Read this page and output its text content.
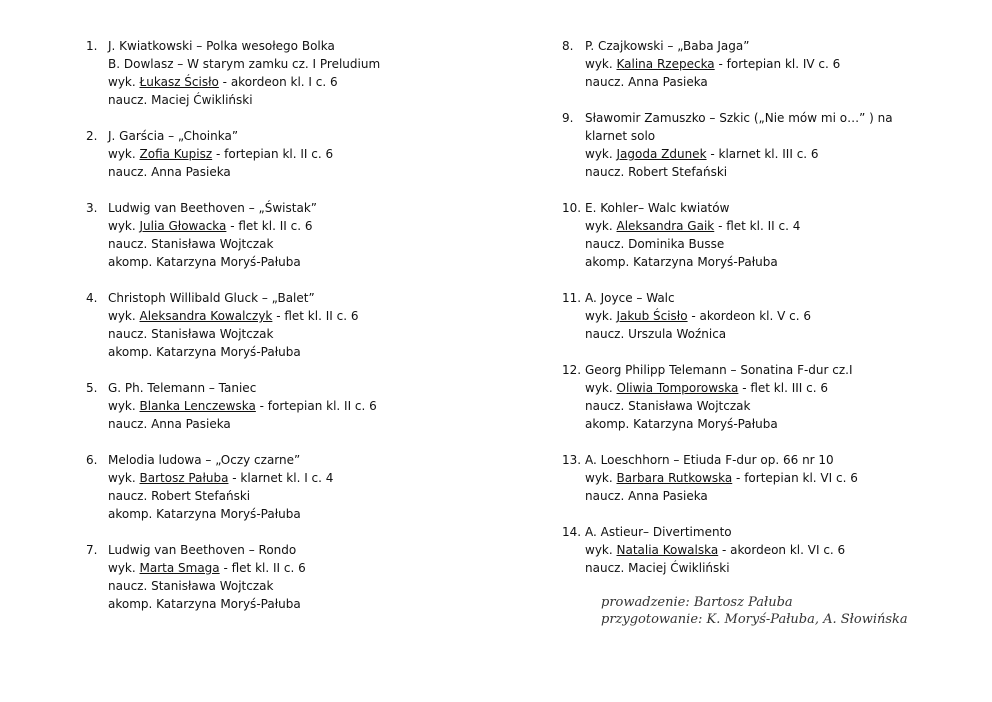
1. J. Kwiatkowski – Polka wesołego Bolka
B. Dowlasz – W starym zamku cz. I Preludium
wyk. Łukasz Ścisło - akordeon kl. I c. 6
naucz. Maciej Ćwikliński
2. J. Garścia – „Choinka”
wyk. Zofia Kupisz - fortepian kl. II c. 6
naucz. Anna Pasieka
3. Ludwig van Beethoven – „Świstak”
wyk. Julia Głowacka - flet kl. II c. 6
naucz. Stanisława Wojtczak
akomp. Katarzyna Moryś-Pałuba
4. Christoph Willibald Gluck – „Balet”
wyk. Aleksandra Kowalczyk - flet kl. II c. 6
naucz. Stanisława Wojtczak
akomp. Katarzyna Moryś-Pałuba
5. G. Ph. Telemann – Taniec
wyk. Blanka Lenczewska - fortepian kl. II c. 6
naucz. Anna Pasieka
6. Melodia ludowa – „Oczy czarne”
wyk. Bartosz Pałuba - klarnet kl. I c. 4
naucz. Robert Stefański
akomp. Katarzyna Moryś-Pałuba
7. Ludwig van Beethoven – Rondo
wyk. Marta Smaga - flet kl. II c. 6
naucz. Stanisława Wojtczak
akomp. Katarzyna Moryś-Pałuba
8. P. Czajkowski – „Baba Jaga”
wyk. Kalina Rzepecka - fortepian kl. IV c. 6
naucz. Anna Pasieka
9. Sławomir Zamuszko – Szkic („Nie mów mi o…” ) na
klarnet solo
wyk. Jagoda Zdunek - klarnet kl. III c. 6
naucz. Robert Stefański
10. E. Kohler– Walc kwiatów
wyk. Aleksandra Gaik - flet kl. II c. 4
naucz. Dominika Busse
akomp. Katarzyna Moryś-Pałuba
11. A. Joyce – Walc
wyk. Jakub Ścisło - akordeon kl. V c. 6
naucz. Urszula Woźnica
12. Georg Philipp Telemann – Sonatina F-dur cz.I
wyk. Oliwia Tomporowska - flet kl. III c. 6
naucz. Stanisława Wojtczak
akomp. Katarzyna Moryś-Pałuba
13. A. Loeschhorn – Etiuda F-dur op. 66 nr 10
wyk. Barbara Rutkowska - fortepian kl. VI c. 6
naucz. Anna Pasieka
14. A. Astieur– Divertimento
wyk. Natalia Kowalska - akordeon kl. VI c. 6
naucz. Maciej Ćwikliński
prowadzenie: Bartosz Pałuba
przygotowanie: K. Moryś-Pałuba, A. Słowińska
